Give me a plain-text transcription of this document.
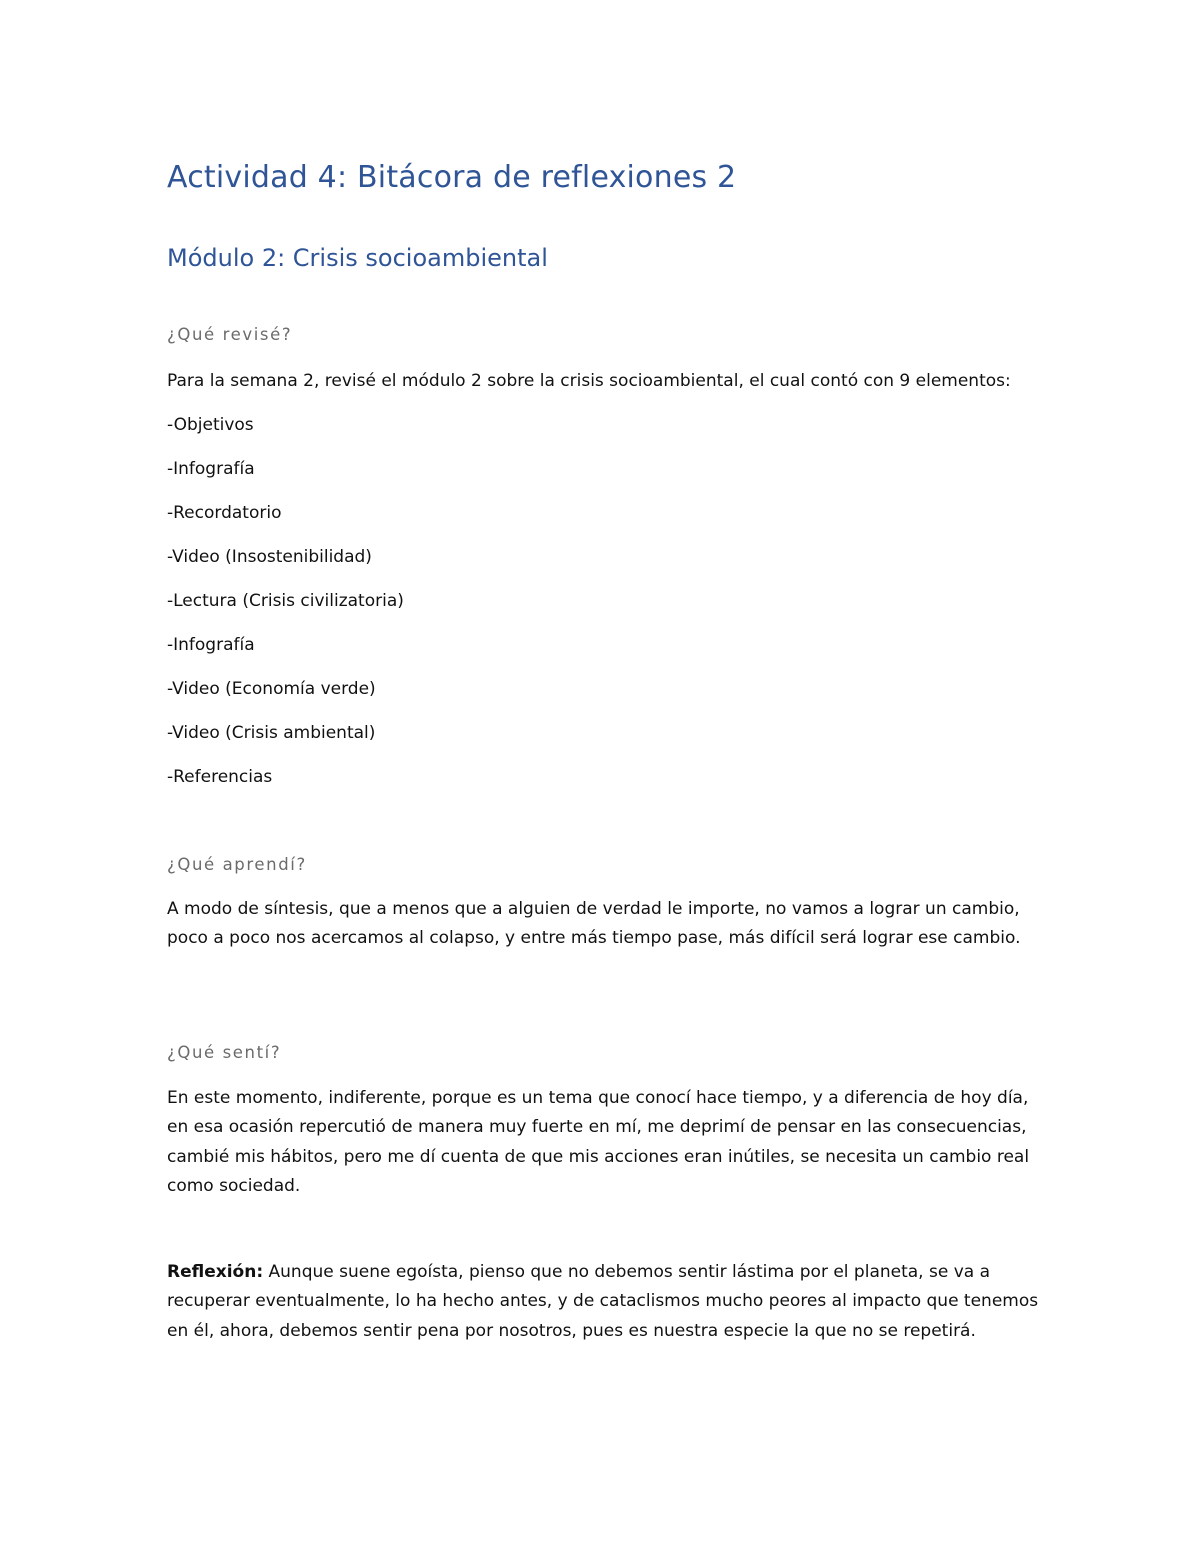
Actividad 4: Bitácora de reflexiones 2
Módulo 2: Crisis socioambiental
¿Qué revisé?
Para la semana 2, revisé el módulo 2 sobre la crisis socioambiental, el cual contó con 9 elementos:
-Objetivos
-Infografía
-Recordatorio
-Video (Insostenibilidad)
-Lectura (Crisis civilizatoria)
-Infografía
-Video (Economía verde)
-Video (Crisis ambiental)
-Referencias
¿Qué aprendí?
A modo de síntesis, que a menos que a alguien de verdad le importe, no vamos a lograr un cambio, poco a poco nos acercamos al colapso, y entre más tiempo pase, más difícil será lograr ese cambio.
¿Qué sentí?
En este momento, indiferente, porque es un tema que conocí hace tiempo, y a diferencia de hoy día, en esa ocasión repercutió de manera muy fuerte en mí, me deprimí de pensar en las consecuencias, cambié mis hábitos, pero me dí cuenta de que mis acciones eran inútiles, se necesita un cambio real como sociedad.
Reflexión: Aunque suene egoísta, pienso que no debemos sentir lástima por el planeta, se va a recuperar eventualmente, lo ha hecho antes, y de cataclismos mucho peores al impacto que tenemos en él, ahora, debemos sentir pena por nosotros, pues es nuestra especie la que no se repetirá.
